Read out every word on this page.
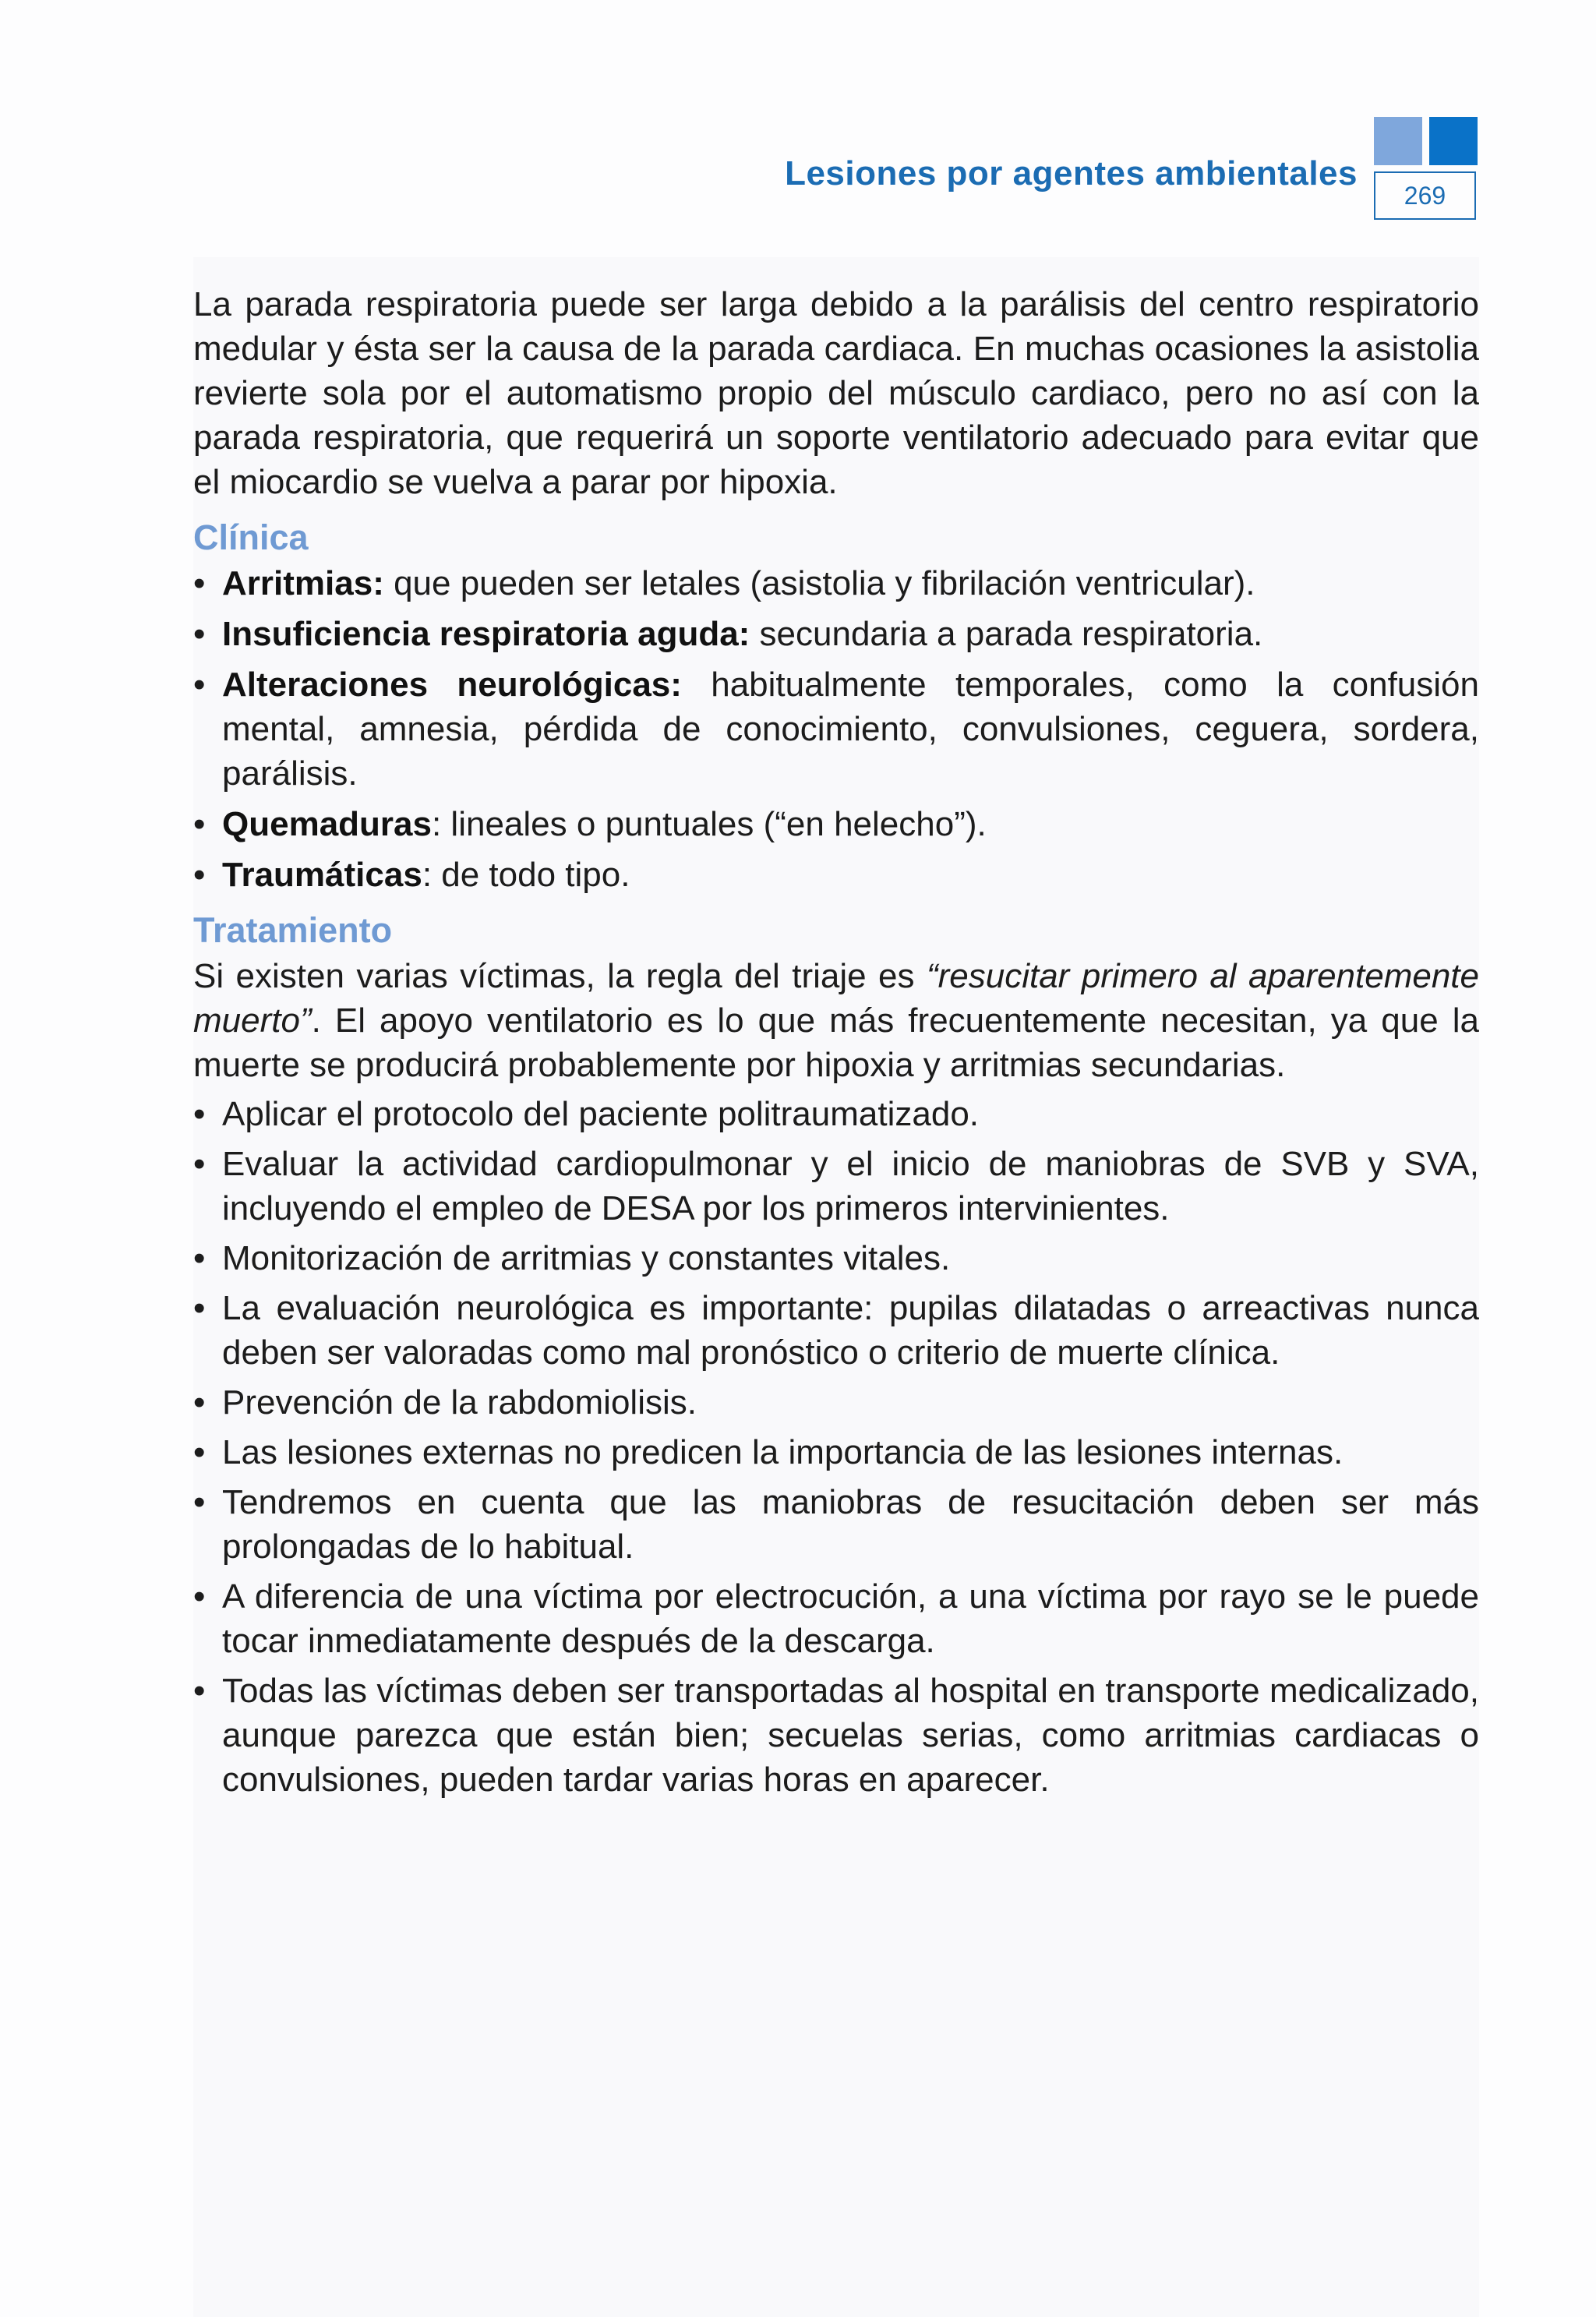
Lesiones por agentes ambientales
269

La parada respiratoria puede ser larga debido a la parálisis del centro respiratorio medular y ésta ser la causa de la parada cardiaca. En muchas ocasiones la asistolia revierte sola por el automatismo propio del músculo cardiaco, pero no así con la parada respiratoria, que requerirá un soporte ventilatorio adecuado para evitar que el miocardio se vuelva a parar por hipoxia.

Clínica
• Arritmias: que pueden ser letales (asistolia y fibrilación ventricular).
• Insuficiencia respiratoria aguda: secundaria a parada respiratoria.
• Alteraciones neurológicas: habitualmente temporales, como la confusión mental, amnesia, pérdida de conocimiento, convulsiones, ceguera, sordera, parálisis.
• Quemaduras: lineales o puntuales (“en helecho”).
• Traumáticas: de todo tipo.
Tratamiento

Si existen varias víctimas, la regla del triaje es “resucitar primero al aparentemente muerto”. El apoyo ventilatorio es lo que más frecuentemente necesitan, ya que la muerte se producirá probablemente por hipoxia y arritmias secundarias.

• Aplicar el protocolo del paciente politraumatizado.
• Evaluar la actividad cardiopulmonar y el inicio de maniobras de SVB y SVA, incluyendo el empleo de DESA por los primeros intervinientes.
• Monitorización de arritmias y constantes vitales.
• La evaluación neurológica es importante: pupilas dilatadas o arreactivas nunca deben ser valoradas como mal pronóstico o criterio de muerte clínica.
• Prevención de la rabdomiolisis.
• Las lesiones externas no predicen la importancia de las lesiones internas.
• Tendremos en cuenta que las maniobras de resucitación deben ser más prolongadas de lo habitual.
• A diferencia de una víctima por electrocución, a una víctima por rayo se le puede tocar inmediatamente después de la descarga.
• Todas las víctimas deben ser transportadas al hospital en transporte medicalizado, aunque parezca que están bien; secuelas serias, como arritmias cardiacas o convulsiones, pueden tardar varias horas en aparecer.
